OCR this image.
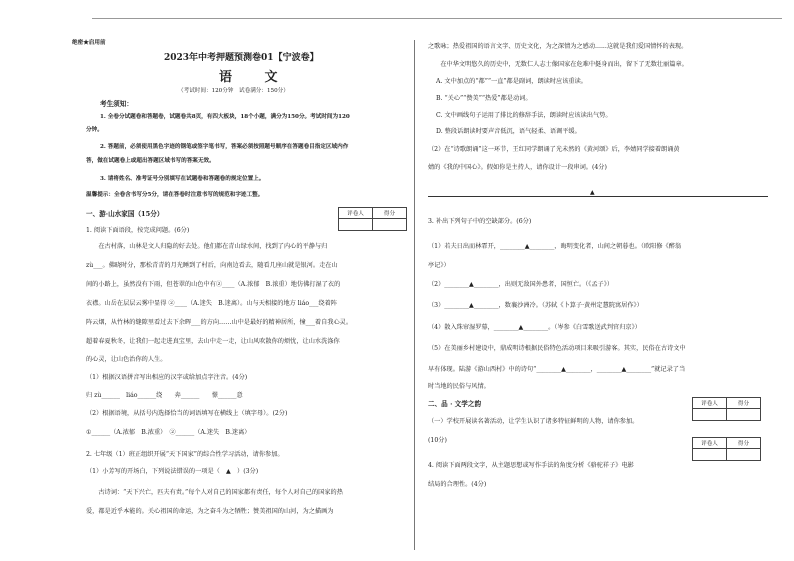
绝密★启用前
2023年中考押题预测卷01【宁波卷】
语 文
（考试时间：120分钟　试卷满分：150分）
考生须知：
1. 全卷分试题卷和答题卷，试题卷共8页，有四大板块，18个小题，满分为150分。考试时间为120
分钟。
2. 答题前，必须使用黑色字迹的钢笔或签字笔书写，答案必须按照题号顺序在答题卷目指定区域内作
答，做在试题卷上或超出答题区域书写的答案无效。
3. 请将姓名、准考证号分别填写在试题卷和答题卷的规定位置上。
温馨提示：全卷含书写分5分，请在答卷时注意书写的规范和字迹工整。
评卷人	得分

一、游·山水家国（15分）
1. 阅读下面语段，按完成问题。(6分)
　　在古村落，山林是文人归隐的好去处。他们都在青山绿水间，找到了内心的平静与归
zù___。佛晓时分，那松青青的月光睡到了村后，向南边看去，随看几座山就是银河。走在山
间的小路上，虽然没有下雨，但苍翠的山色中有②____（A.浓郁　B.浓重）地仿佛打湿了衣的
衣襟。山岳在层层云雾中显得 ②____（A.迷失　B.迷离）。山与天相接的地方 liáo___绕着阵
阵云烟，从竹林的缝隙里看过去下余晖___的方向……山中是最好的精神居所，憧___着自我心灵。
超着春夏秋冬，让我们一起走进真宝里，去山中走一走，让山风吹散你的烦忧，让山水洗涤你
的心灵，让山色治你的人生。
（1）根据汉语拼音写出相应的汉字或给加点字注音。(4分)
归 zù______　liáo______绕　　奔______　　憬______意
（2）根据语境，从括号内选择恰当的词语填写在横线上（填字母）。(2分)
①______（A.浓郁　B.浓重）　②______（A.迷失　B.迷离）
2. 七年级（1）班正组织开展“天下国家”的综合性学习活动，请你参加。
（1）小芳写的开场白，下列说法错误的一项是（　▲　）(3分)
　　古诗词：“天下兴亡，匹夫有责。”每个人对自己的国家都有责任，每个人对自己的国家的热
爱，都是近乎本能的。关心祖国的命运，为之奋斗为之牺牲；赞美祖国的山河，为之描画为
之歌咏；热爱祖国的语言文字、历史文化，为之深情为之感动......这就是我们爱国情怀的表现。
　　在中华文明悠久的历史中，无数仁人志士像国家在危难中挺身而出，留下了无数壮丽篇章。
A. 文中加点的“都”“一直”都是副词，朗读时应该重读。
B. “关心”“赞美”“热爱”都是动词。
C. 文中画线句子运用了排比的修辞手法，朗读时应该读出气势。
D. 整段话朗读时要声音低沉，语气轻柔、语调平缓。
（2）在“诗歌朗诵”这一环节，王红同学朗诵了光未然的《黄河颂》后，李婧同学接着朗诵黄
婧的《我的中国心》。假如你是主持人，请你设计一段串词。(4分)
▲
3. 补出下列句子中的空缺部分。(6分)
（1）若夫日出而林霏开，________▲________，晦明变化者，山间之朝暮也。（欧阳修《醉翁
亭记》）
（2）________▲________，出则无敌国外患者，国恒亡。（《孟子》）
（3）________▲________，数襄沙洲冷。（苏轼《卜算子·黄州定慧院寓居作》）
（4）散入珠帘湿罗幕，________▲________。（岑参《白雪歌送武判官归京》）
（5）在美丽乡村建设中，鼎成明诗根据民俗特色活动项目来吸引游客。其实，民俗在古诗文中
早有体现。陆游《游山西村》中的诗句“________▲________，________▲________”就记录了当
时当地的民俗与风情。
二、品 · 文学之韵	评卷人	得分

（一）学校开展读名著活动，让学生认识了诸多特征鲜明的人物，请你参加。
(10分)	评卷人	得分

4. 阅读下面两段文字，从主题思想或写作手法的角度分析《骆驼祥子》电影
结局的合理性。(4分)
